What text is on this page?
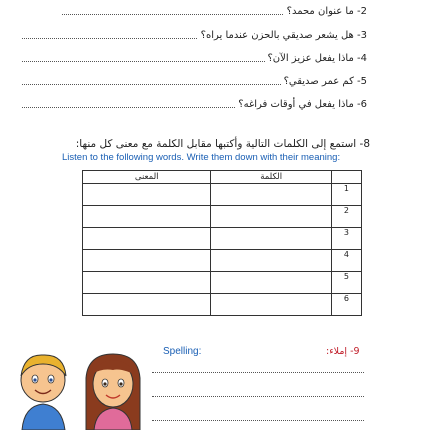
2- ما عنوان محمد؟
3- هل يشعر صديقي بالحزن عندما يراه؟
4- ماذا يفعل عزيز الآن؟
5- كم عمر صديقي؟
6- ماذا يفعل في أوقات فراغه؟
8- استمع إلى الكلمات التالية وأكتبها مقابل الكلمة مع معنى كل منها:
Listen to the following words. Write them down with their meaning:
المعنى	الكلمة	
		1
		2
		3
		4
		5
		6
Spelling:	9- إملاء:
